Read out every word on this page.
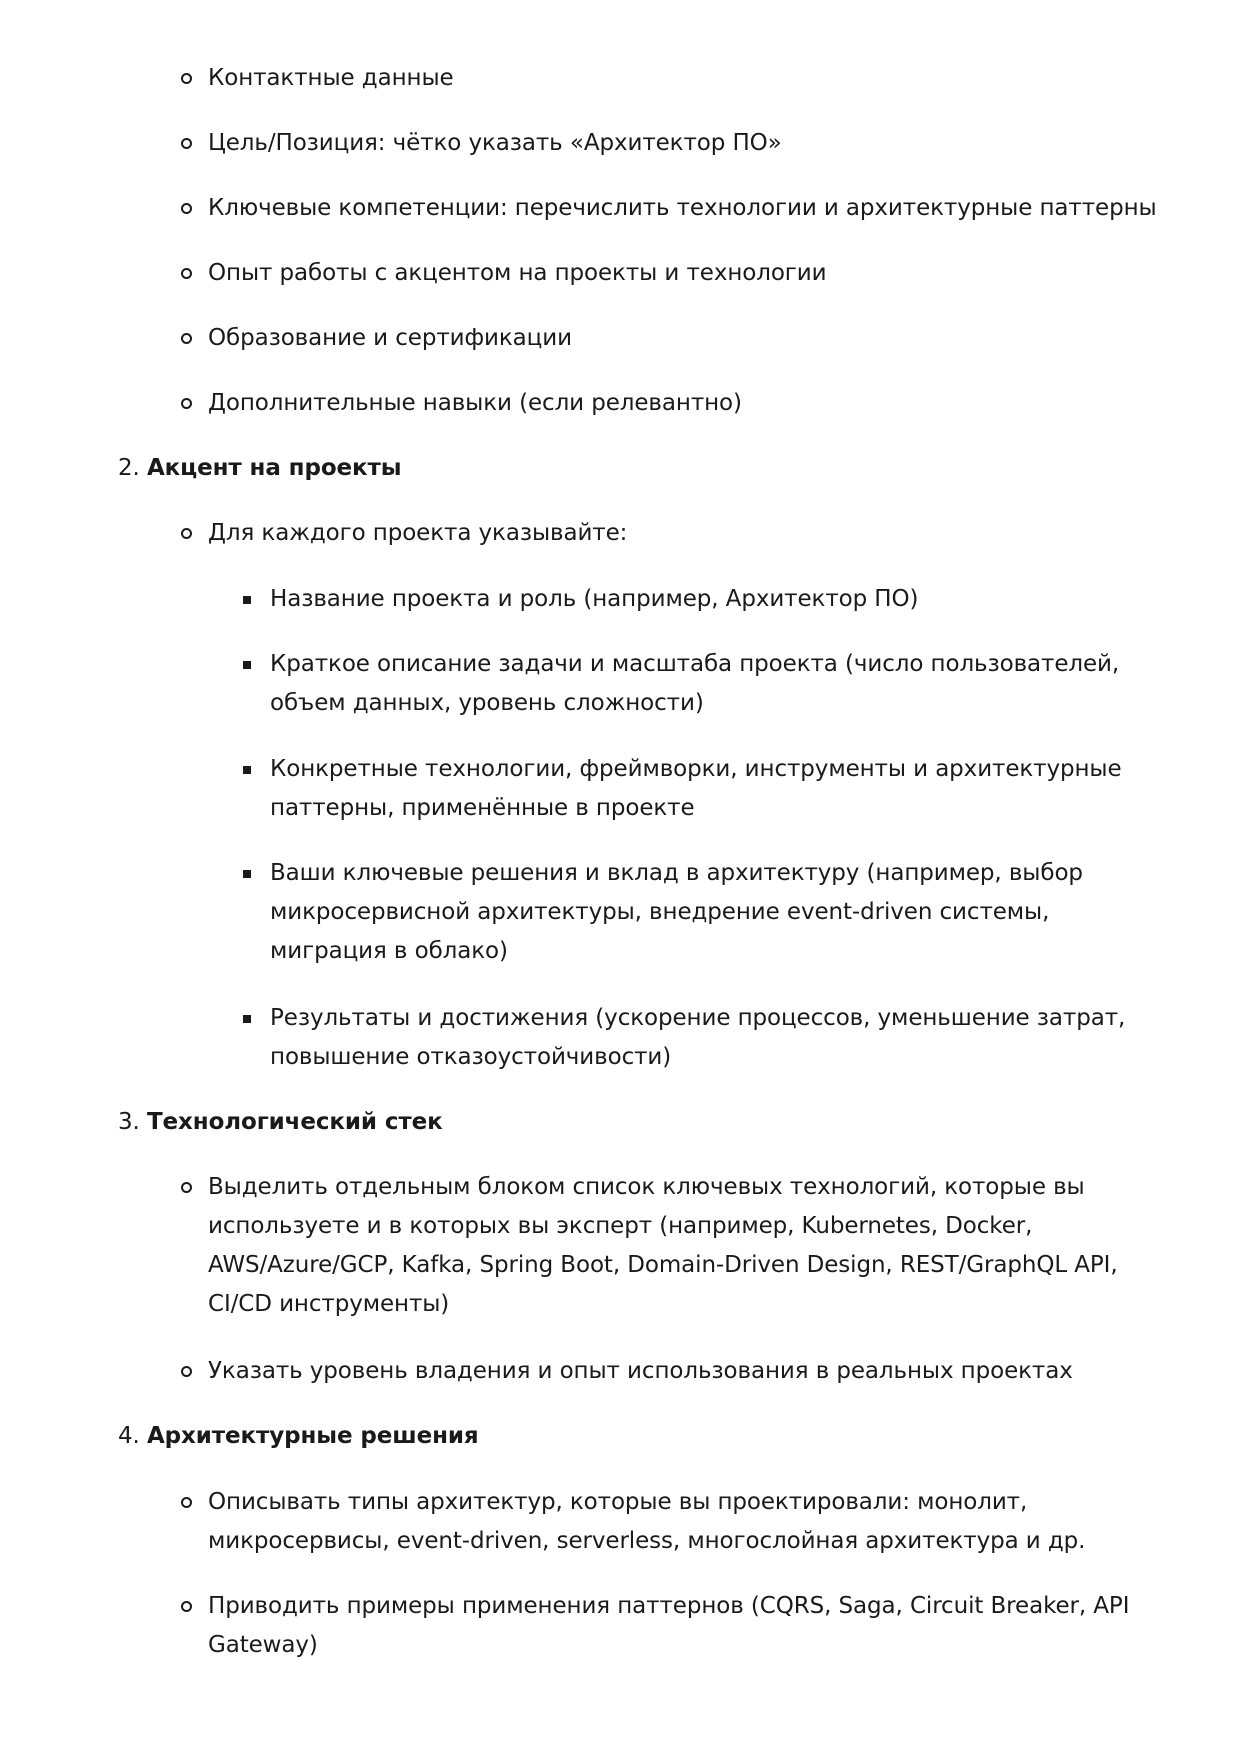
Контактные данные
Цель/Позиция: чётко указать «Архитектор ПО»
Ключевые компетенции: перечислить технологии и архитектурные паттерны
Опыт работы с акцентом на проекты и технологии
Образование и сертификации
Дополнительные навыки (если релевантно)
2. Акцент на проекты
Для каждого проекта указывайте:
Название проекта и роль (например, Архитектор ПО)
Краткое описание задачи и масштаба проекта (число пользователей, объем данных, уровень сложности)
Конкретные технологии, фреймворки, инструменты и архитектурные паттерны, применённые в проекте
Ваши ключевые решения и вклад в архитектуру (например, выбор микросервисной архитектуры, внедрение event-driven системы, миграция в облако)
Результаты и достижения (ускорение процессов, уменьшение затрат, повышение отказоустойчивости)
3. Технологический стек
Выделить отдельным блоком список ключевых технологий, которые вы используете и в которых вы эксперт (например, Kubernetes, Docker, AWS/Azure/GCP, Kafka, Spring Boot, Domain-Driven Design, REST/GraphQL API, CI/CD инструменты)
Указать уровень владения и опыт использования в реальных проектах
4. Архитектурные решения
Описывать типы архитектур, которые вы проектировали: монолит, микросервисы, event-driven, serverless, многослойная архитектура и др.
Приводить примеры применения паттернов (CQRS, Saga, Circuit Breaker, API Gateway)
